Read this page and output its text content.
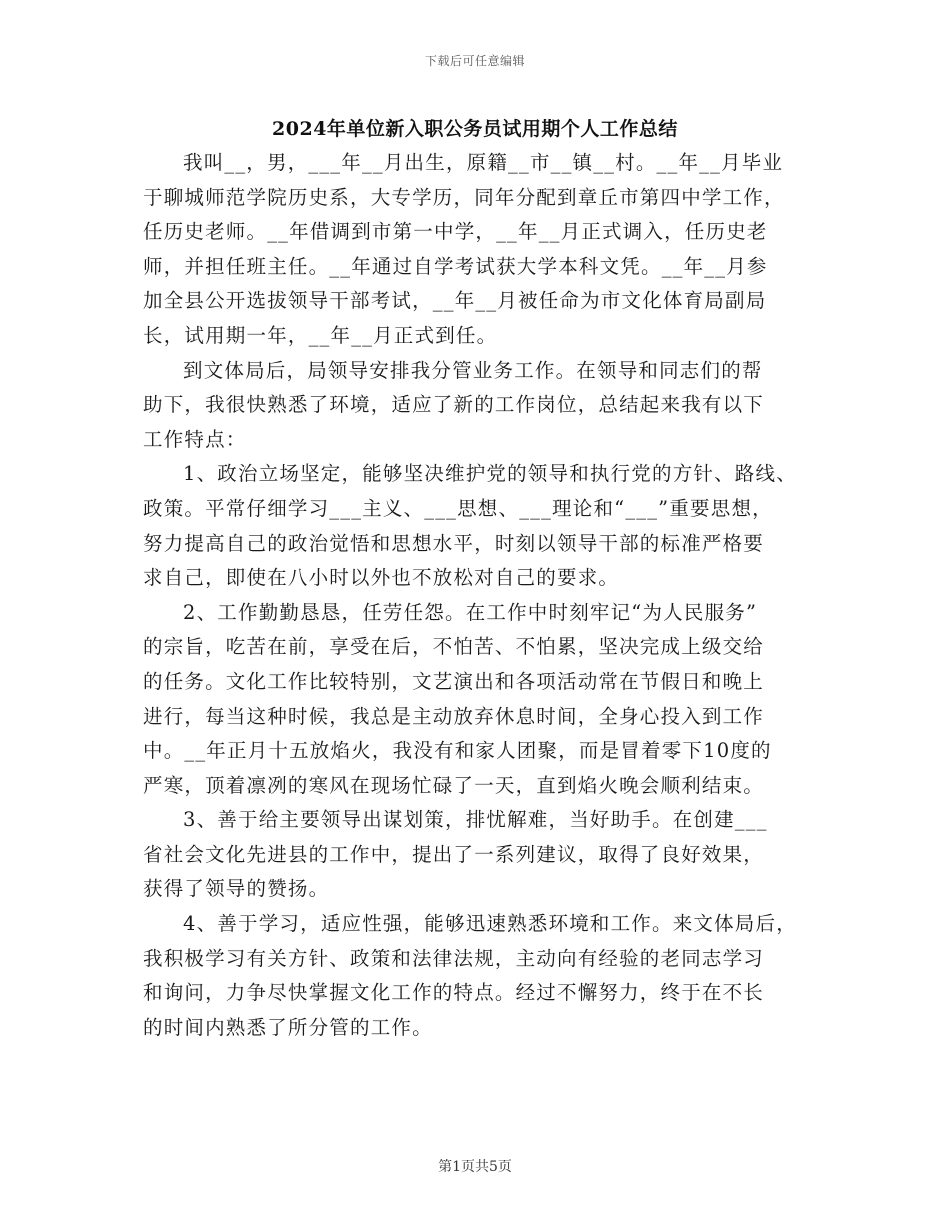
下载后可任意编辑
2024年单位新入职公务员试用期个人工作总结
我叫__，男，___年__月出生，原籍__市__镇__村。__年__月毕业
于聊城师范学院历史系，大专学历，同年分配到章丘市第四中学工作，
任历史老师。__年借调到市第一中学，__年__月正式调入，任历史老
师，并担任班主任。__年通过自学考试获大学本科文凭。__年__月参
加全县公开选拔领导干部考试，__年__月被任命为市文化体育局副局
长，试用期一年，__年__月正式到任。
到文体局后，局领导安排我分管业务工作。在领导和同志们的帮
助下，我很快熟悉了环境，适应了新的工作岗位，总结起来我有以下
工作特点：
1、政治立场坚定，能够坚决维护党的领导和执行党的方针、路线、
政策。平常仔细学习___主义、___思想、___理论和“___”重要思想，
努力提高自己的政治觉悟和思想水平，时刻以领导干部的标准严格要
求自己，即使在八小时以外也不放松对自己的要求。
2、工作勤勤恳恳，任劳任怨。在工作中时刻牢记“为人民服务”
的宗旨，吃苦在前，享受在后，不怕苦、不怕累，坚决完成上级交给
的任务。文化工作比较特别，文艺演出和各项活动常在节假日和晚上
进行，每当这种时候，我总是主动放弃休息时间，全身心投入到工作
中。__年正月十五放焰火，我没有和家人团聚，而是冒着零下10度的
严寒，顶着凛冽的寒风在现场忙碌了一天，直到焰火晚会顺利结束。
3、善于给主要领导出谋划策，排忧解难，当好助手。在创建___
省社会文化先进县的工作中，提出了一系列建议，取得了良好效果，
获得了领导的赞扬。
4、善于学习，适应性强，能够迅速熟悉环境和工作。来文体局后，
我积极学习有关方针、政策和法律法规，主动向有经验的老同志学习
和询问，力争尽快掌握文化工作的特点。经过不懈努力，终于在不长
的时间内熟悉了所分管的工作。
第1页共5页
